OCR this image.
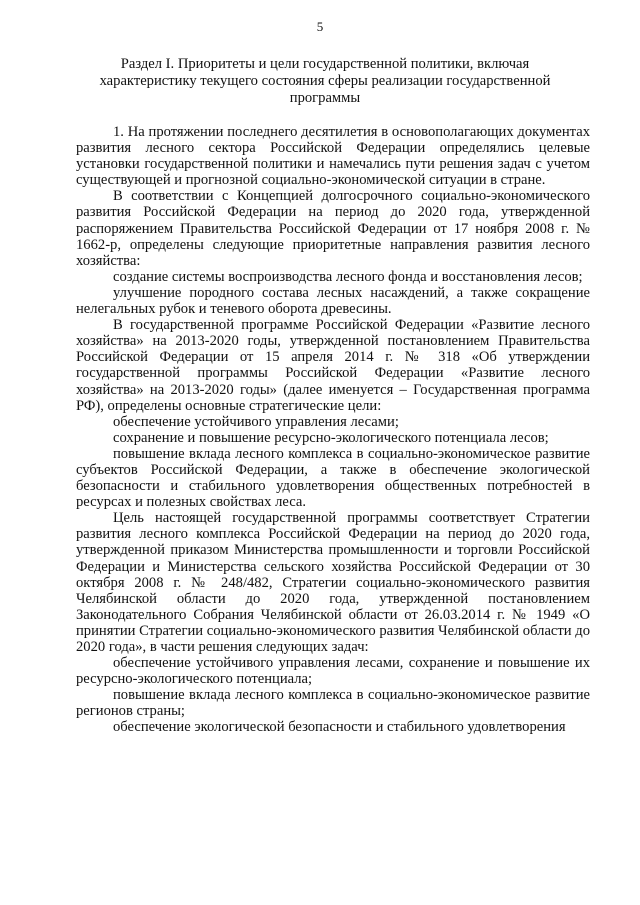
5
Раздел I. Приоритеты и цели государственной политики, включая характеристику текущего состояния сферы реализации государственной программы

1. На протяжении последнего десятилетия в основополагающих документах развития лесного сектора Российской Федерации определялись целевые установки государственной политики и намечались пути решения задач с учетом существующей и прогнозной социально-экономической ситуации в стране.

В соответствии с Концепцией долгосрочного социально-экономического развития Российской Федерации на период до 2020 года, утвержденной распоряжением Правительства Российской Федерации от 17 ноября 2008 г. № 1662-р, определены следующие приоритетные направления развития лесного хозяйства:

создание системы воспроизводства лесного фонда и восстановления лесов;

улучшение породного состава лесных насаждений, а также сокращение нелегальных рубок и теневого оборота древесины.

В государственной программе Российской Федерации «Развитие лесного хозяйства» на 2013-2020 годы, утвержденной постановлением Правительства Российской Федерации от 15 апреля 2014 г. № 318 «Об утверждении государственной программы Российской Федерации «Развитие лесного хозяйства» на 2013-2020 годы» (далее именуется – Государственная программа РФ), определены основные стратегические цели:

обеспечение устойчивого управления лесами;

сохранение и повышение ресурсно-экологического потенциала лесов;

повышение вклада лесного комплекса в социально-экономическое развитие субъектов Российской Федерации, а также в обеспечение экологической безопасности и стабильного удовлетворения общественных потребностей в ресурсах и полезных свойствах леса.

Цель настоящей государственной программы соответствует Стратегии развития лесного комплекса Российской Федерации на период до 2020 года, утвержденной приказом Министерства промышленности и торговли Российской Федерации и Министерства сельского хозяйства Российской Федерации от 30 октября 2008 г. № 248/482, Стратегии социально-экономического развития Челябинской области до 2020 года, утвержденной постановлением Законодательного Собрания Челябинской области от 26.03.2014 г. № 1949 «О принятии Стратегии социально-экономического развития Челябинской области до 2020 года», в части решения следующих задач:

обеспечение устойчивого управления лесами, сохранение и повышение их ресурсно-экологического потенциала;

повышение вклада лесного комплекса в социально-экономическое развитие регионов страны;

обеспечение экологической безопасности и стабильного удовлетворения
